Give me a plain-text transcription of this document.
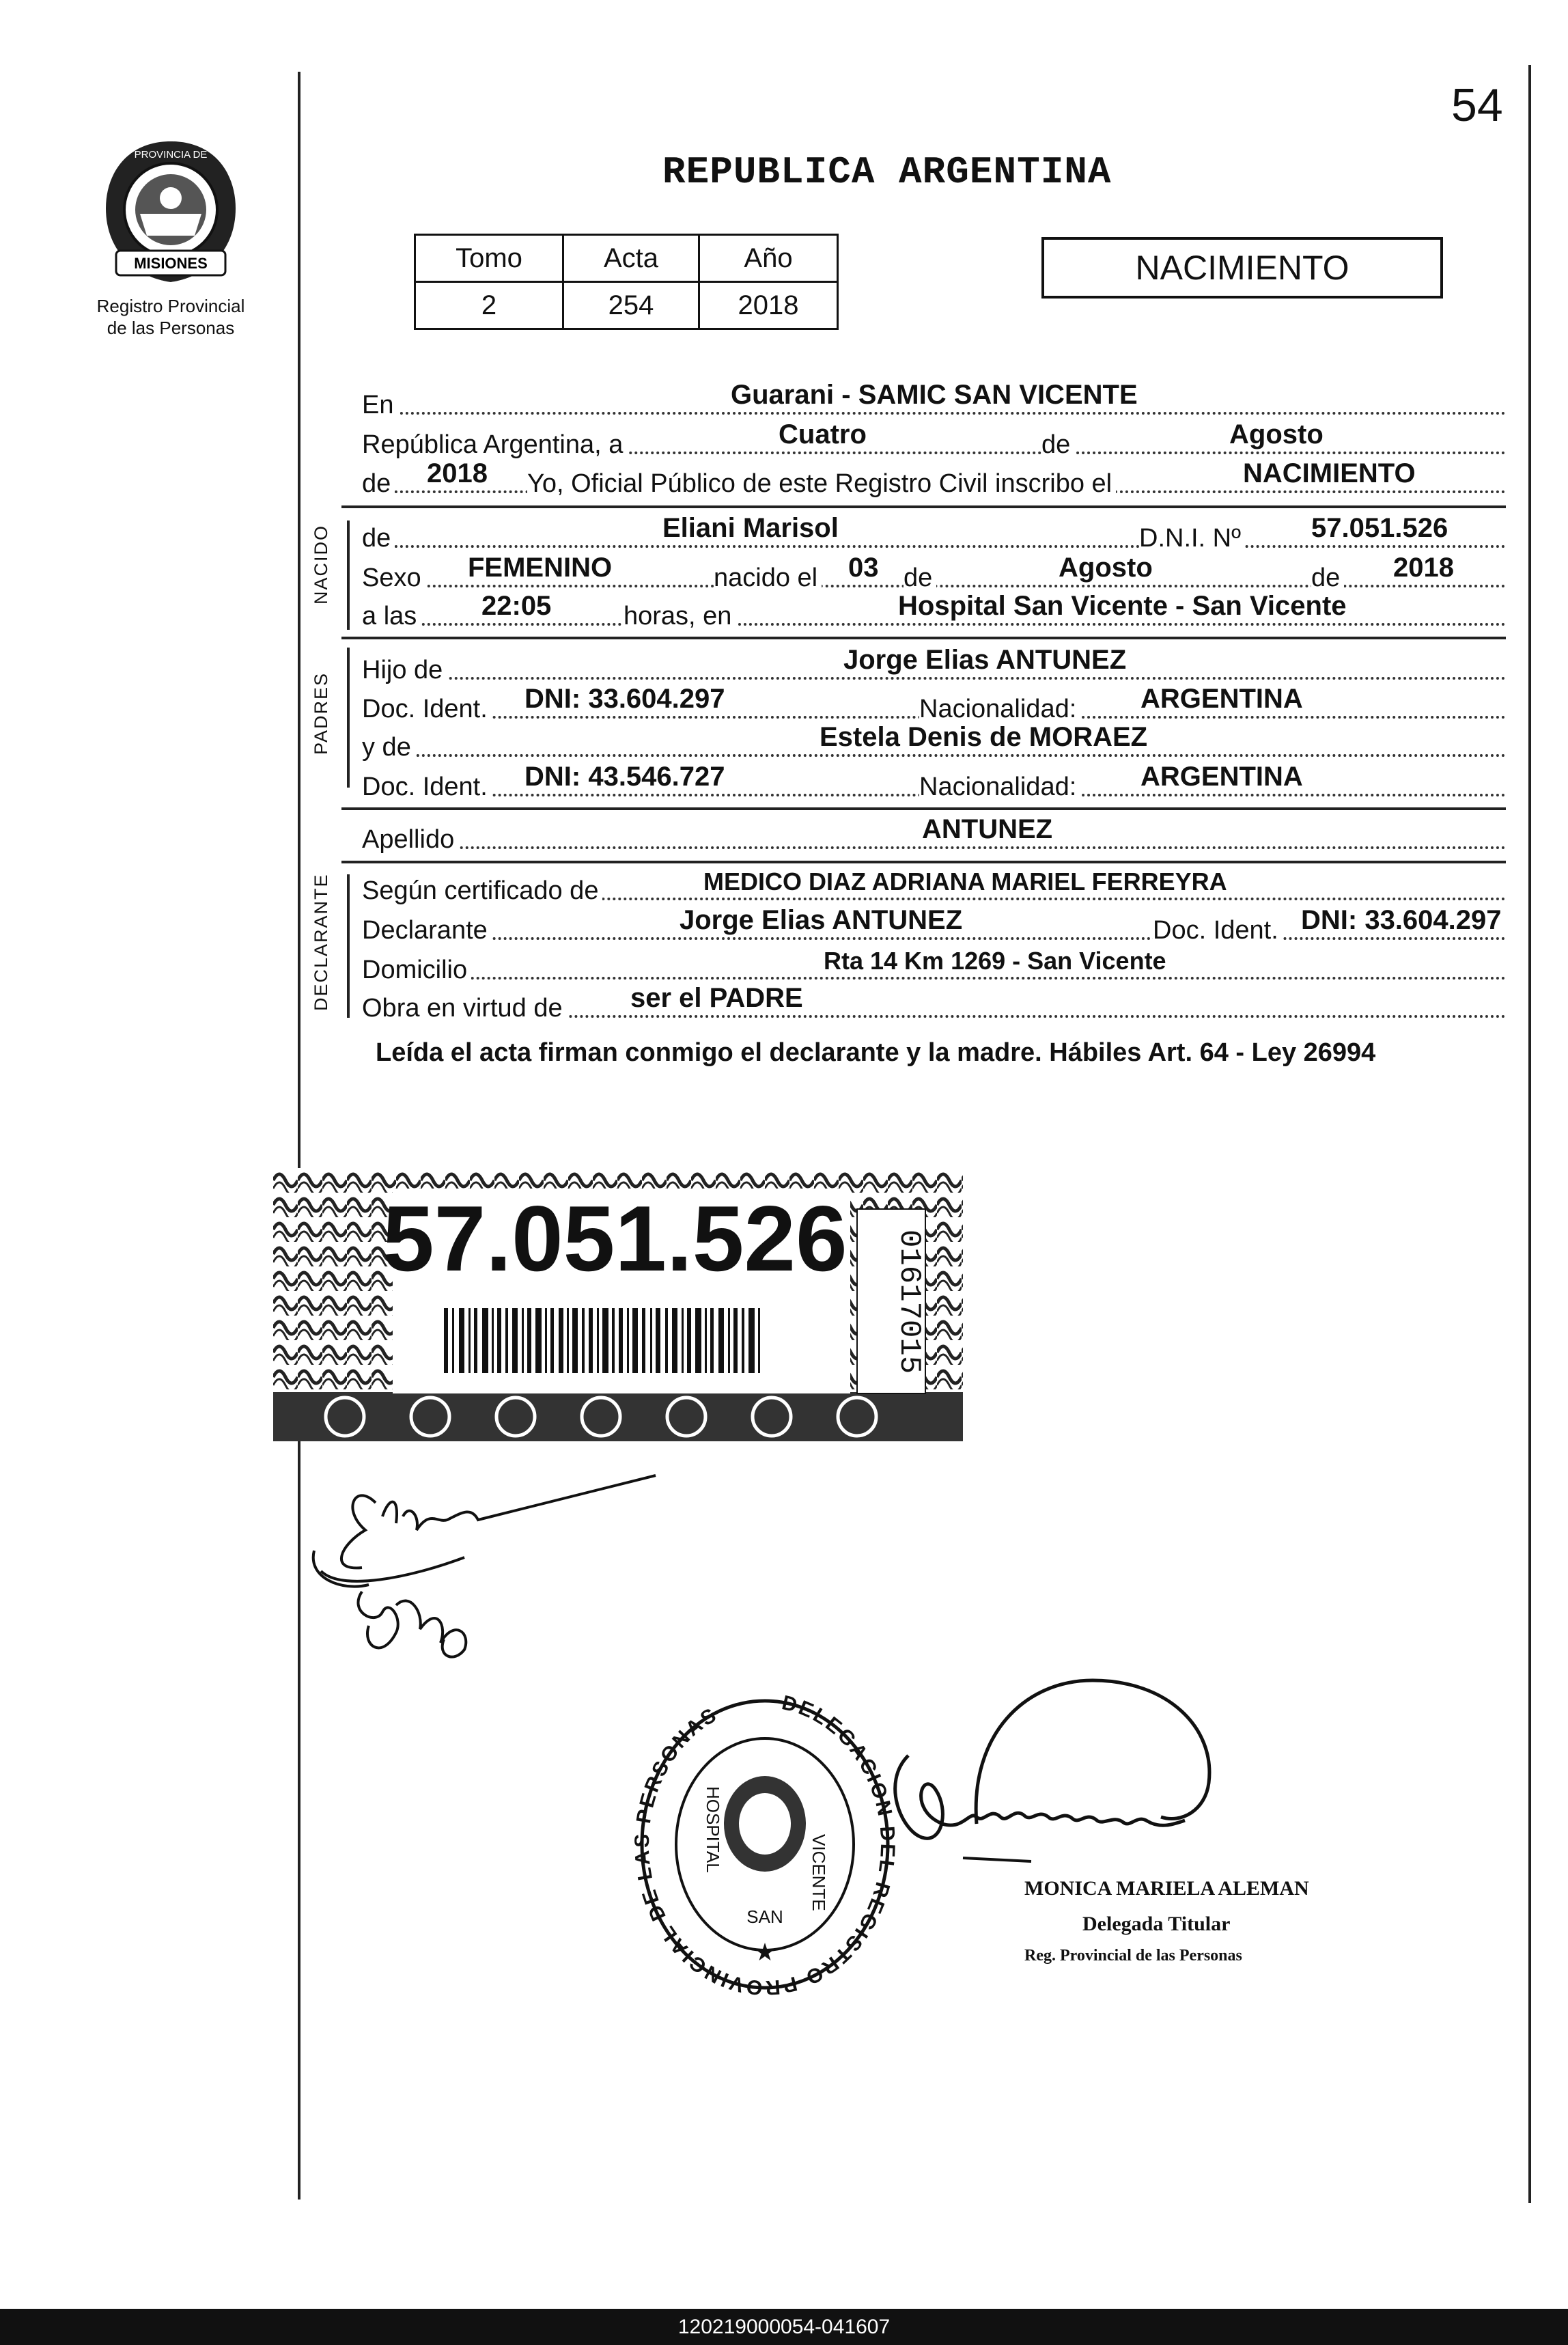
54
MISIONES
PROVINCIA DE
Registro Provincial
de las Personas
REPUBLICA ARGENTINA
Tomo	Acta	Año
2	254	2018
NACIMIENTO
En	Guarani - SAMIC SAN VICENTE
República Argentina, a	Cuatro	de	Agosto
de 2018 Yo, Oficial Público de este Registro Civil inscribo el	NACIMIENTO
NACIDO de	Eliani Marisol	D.N.I. Nº	57.051.526
Sexo FEMENINO	nacido el 03 de	Agosto	de 2018
a las 22:05	horas, en	Hospital San Vicente - San Vicente
PADRES
Hijo de	Jorge Elias ANTUNEZ
Doc. Ident. DNI: 33.604.297	Nacionalidad: ARGENTINA
y de	Estela Denis de MORAEZ
Doc. Ident. DNI: 43.546.727	Nacionalidad: ARGENTINA
Apellido	ANTUNEZ
DECLARANTE Según certificado de	MEDICO DIAZ ADRIANA MARIEL FERREYRA
Declarante	Jorge Elias ANTUNEZ	Doc. Ident. DNI: 33.604.297
Domicilio	Rta 14 Km 1269 - San Vicente
Obra en virtud de ser el PADRE
Leída el acta firman conmigo el declarante y la madre. Hábiles Art. 64 - Ley 26994
57.051.526 01617015
DELEGACION DEL REGISTRO PROVINCIAL DE LAS PERSONAS
HOSPITAL
SAN
VICENTE
★
MONICA MARIELA ALEMAN
Delegada Titular
Reg. Provincial de las Personas
120219000054-041607
